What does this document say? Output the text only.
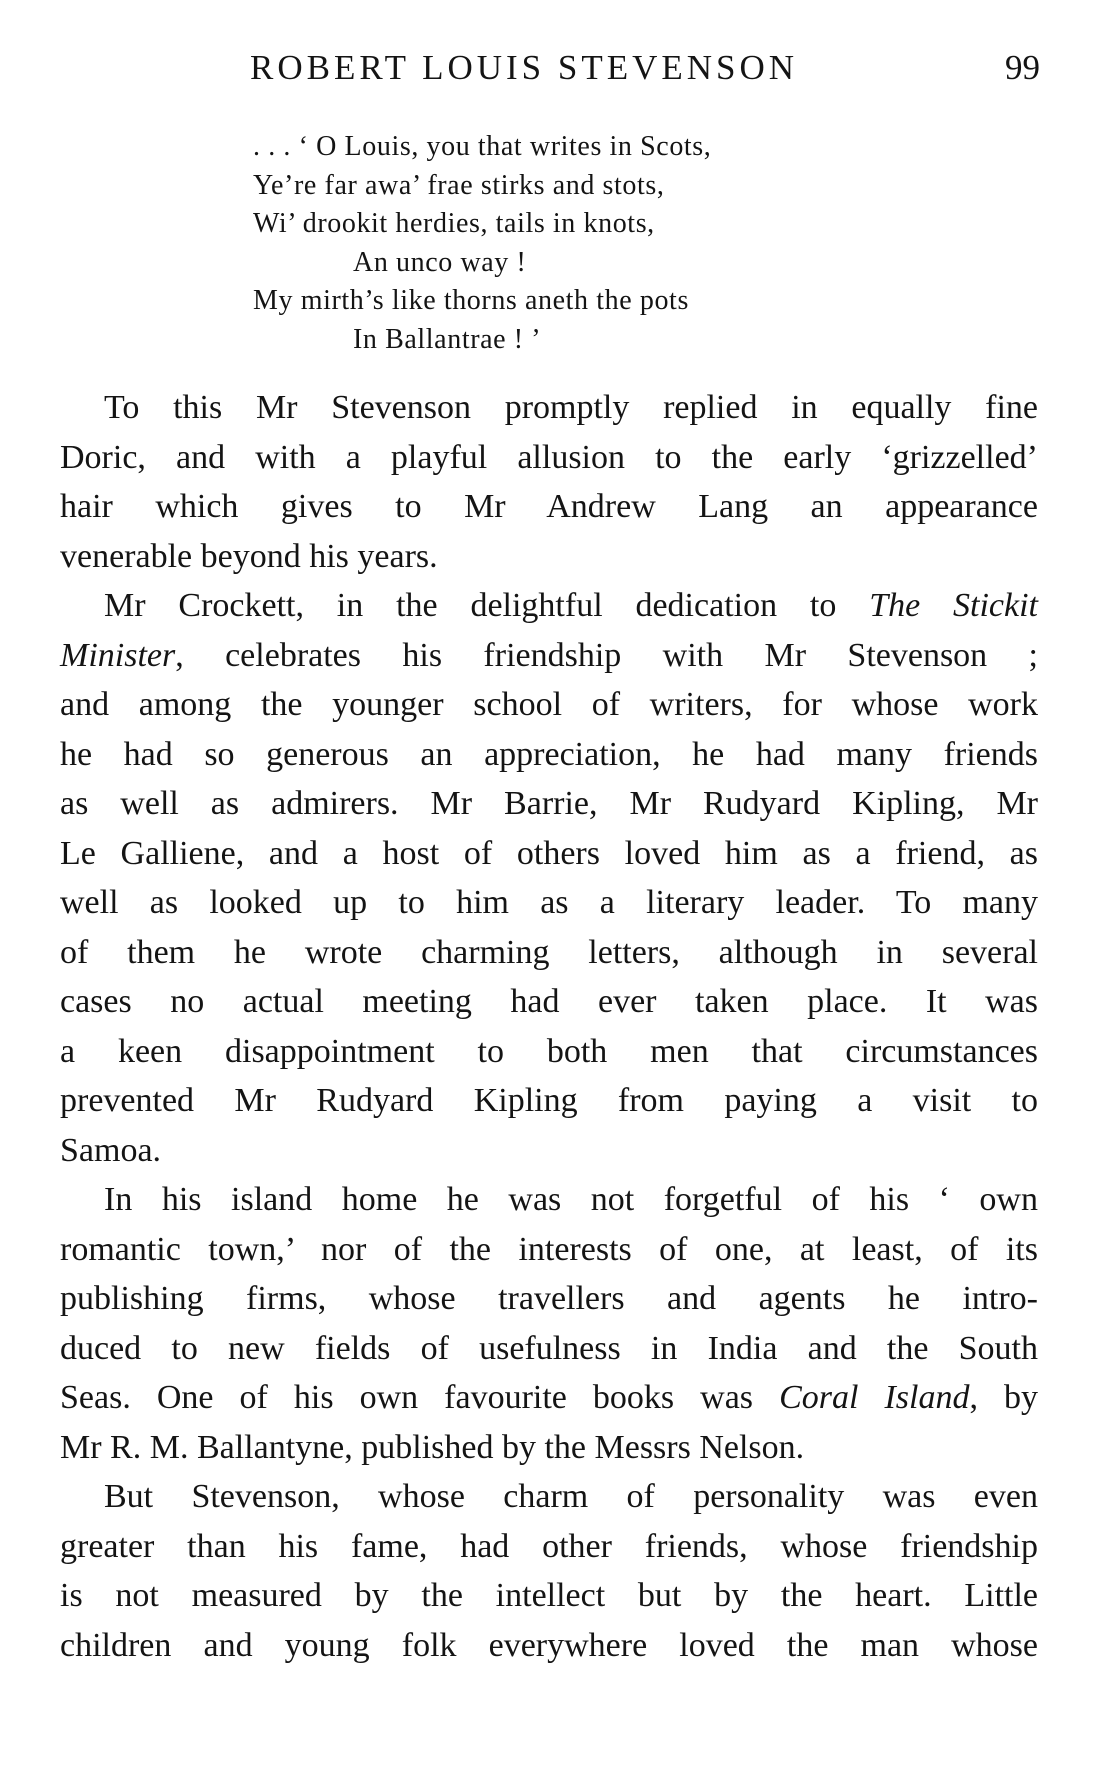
ROBERT LOUIS STEVENSON	99
. . . ‘ O Louis, you that writes in Scots,
Ye’re far awa’ frae stirks and stots,
Wi’ drookit herdies, tails in knots,
An unco way !
My mirth’s like thorns aneth the pots
In Ballantrae ! ’
To this Mr Stevenson promptly replied in equally fine
Doric, and with a playful allusion to the early ‘grizzelled’
hair which gives to Mr Andrew Lang an appearance
venerable beyond his years.
Mr Crockett, in the delightful dedication to The Stickit
Minister, celebrates his friendship with Mr Stevenson ;
and among the younger school of writers, for whose work
he had so generous an appreciation, he had many friends
as well as admirers. Mr Barrie, Mr Rudyard Kipling, Mr
Le Galliene, and a host of others loved him as a friend, as
well as looked up to him as a literary leader. To many
of them he wrote charming letters, although in several
cases no actual meeting had ever taken place. It was
a keen disappointment to both men that circumstances
prevented Mr Rudyard Kipling from paying a visit to
Samoa.
In his island home he was not forgetful of his ‘ own
romantic town,’ nor of the interests of one, at least, of its
publishing firms, whose travellers and agents he intro-
duced to new fields of usefulness in India and the South
Seas. One of his own favourite books was Coral Island, by
Mr R. M. Ballantyne, published by the Messrs Nelson.
But Stevenson, whose charm of personality was even
greater than his fame, had other friends, whose friendship
is not measured by the intellect but by the heart. Little
children and young folk everywhere loved the man whose
